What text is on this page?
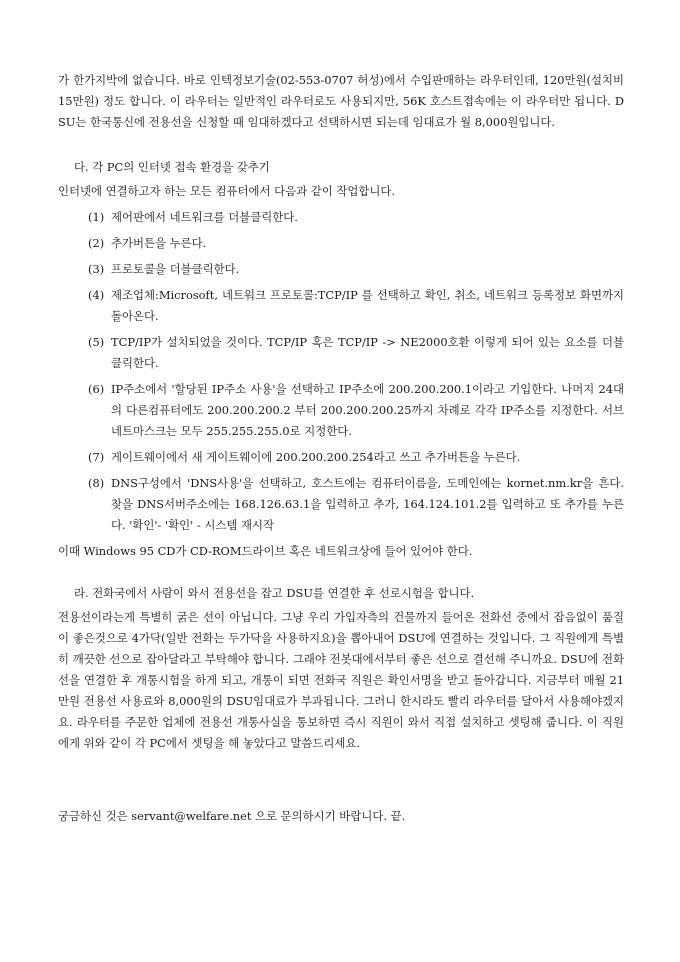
가 한가지박에 없습니다. 바로 인텍정보기술(02-553-0707 허성)에서 수입판매하는 라우터인데, 120만원(설치비 15만원) 정도 합니다. 이 라우터는 일반적인 라우터로도 사용되지만, 56K 호스트접속에는 이 라우터만 됩니다. DSU는 한국통신에 전용선을 신청할 때 임대하겠다고 선택하시면 되는데 임대료가 월 8,000원입니다.

다. 각 PC의 인터넷 접속 환경을 갖추기

인터넷에 연결하고자 하는 모든 컴퓨터에서 다음과 같이 작업합니다.

(1) 제어판에서 네트워크를 더블클릭한다.
(2) 추가버튼을 누른다.
(3) 프로토콜을 더블클릭한다.
(4) 제조업체:Microsoft, 네트워크 프로토콜:TCP/IP 를 선택하고 확인, 취소, 네트워크 등록정보 화면까지 돌아온다.
(5) TCP/IP가 설치되었을 것이다. TCP/IP 혹은 TCP/IP -> NE2000호환 이렇게 되어 있는 요소를 더블클릭한다.
(6) IP주소에서 '할당된 IP주소 사용'을 선택하고 IP주소에 200.200.200.1이라고 기입한다. 나머지 24대의 다른컴퓨터에도 200.200.200.2 부터 200.200.200.25까지 차례로 각각 IP주소를 지정한다. 서브네트마스크는 모두 255.255.255.0로 지정한다.
(7) 게이트웨이에서 새 게이트웨이에 200.200.200.254라고 쓰고 추가버튼을 누른다.
(8) DNS구성에서 'DNS사용'을 선택하고, 호스트에는 컴퓨터이름을, 도메인에는 kornet.nm.kr을 흔다. 찾을 DNS서버주소에는 168.126.63.1을 입력하고 추가, 164.124.101.2를 입력하고 또 추가를 누른다. '확인'- '확인' - 시스템 재시작

이때 Windows 95 CD가 CD-ROM드라이브 혹은 네트워크상에 들어 있어야 한다.

라. 전화국에서 사람이 와서 전용선을 잡고 DSU를 연결한 후 선로시험을 합니다.

전용선이라는게 특별히 굵은 선이 아닙니다. 그냥 우리 가입자측의 건물까지 들어온 전화선 중에서 잡음없이 품질이 좋은것으로 4가닥(일반 전화는 두가닥을 사용하지요)을 뽑아내어 DSU에 연결하는 것입니다. 그 직원에게 특별히 깨끗한 선으로 잡아달라고 부탁해야 합니다. 그래야 전봇대에서부터 좋은 선으로 결선해 주니까요. DSU에 전화선을 연결한 후 개통시험을 하게 되고, 개통이 되면 전화국 직원은 확인서명을 받고 돌아갑니다. 지금부터 매월 21만원 전용선 사용료와 8,000원의 DSU임대료가 부과됩니다. 그러니 한시라도 빨리 라우터를 달아서 사용해야겠지요. 라우터를 주문한 업체에 전용선 개통사실을 통보하면 즉시 직원이 와서 직접 설치하고 셋팅해 줍니다. 이 직원에게 위와 같이 각 PC에서 셋팅을 해 놓았다고 말씀드리세요.

궁금하신 것은 servant@welfare.net 으로 문의하시기 바랍니다. 끝.
